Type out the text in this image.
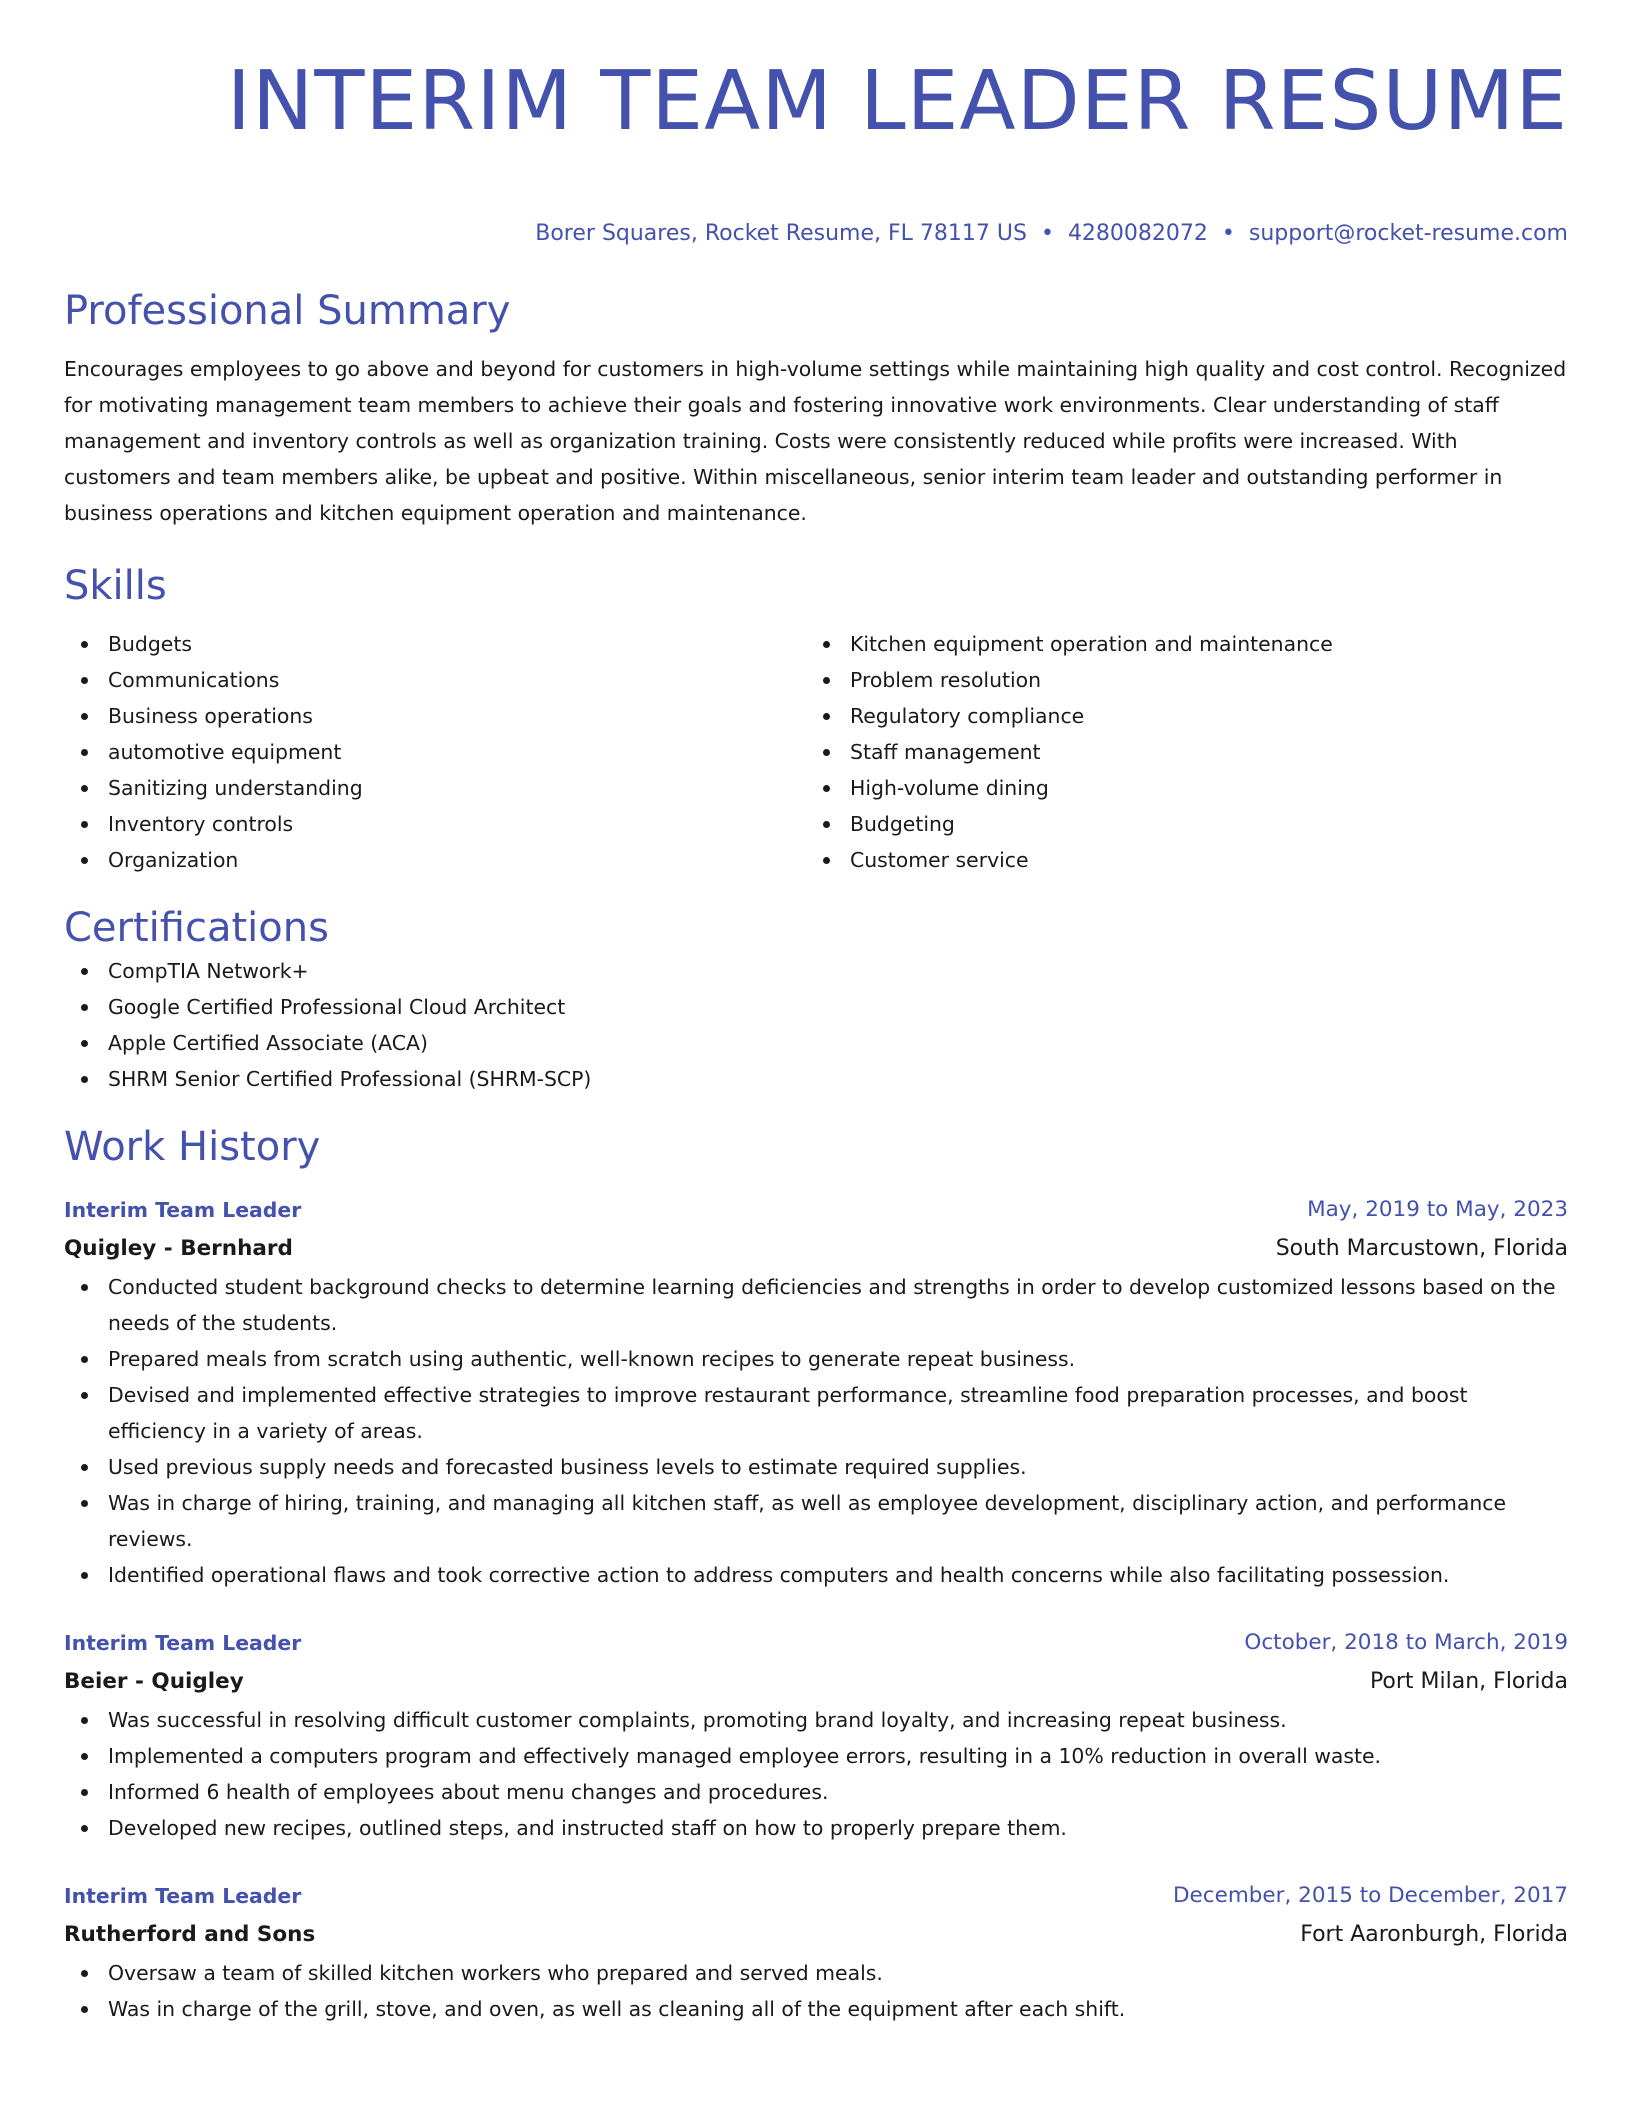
INTERIM TEAM LEADER RESUME
Borer Squares, Rocket Resume, FL 78117 US • 4280082072 • support@rocket-resume.com
Professional Summary

Encourages employees to go above and beyond for customers in high-volume settings while maintaining high quality and cost control. Recognized for motivating management team members to achieve their goals and fostering innovative work environments. Clear understanding of staff management and inventory controls as well as organization training. Costs were consistently reduced while profits were increased. With customers and team members alike, be upbeat and positive. Within miscellaneous, senior interim team leader and outstanding performer in business operations and kitchen equipment operation and maintenance.

Skills
Budgets
Communications
Business operations
automotive equipment
Sanitizing understanding
Inventory controls
Organization
Kitchen equipment operation and maintenance
Problem resolution
Regulatory compliance
Staff management
High-volume dining
Budgeting
Customer service
Certifications
CompTIA Network+
Google Certified Professional Cloud Architect
Apple Certified Associate (ACA)
SHRM Senior Certified Professional (SHRM-SCP)
Work History
Interim Team Leader	May, 2019 to May, 2023
Quigley - Bernhard	South Marcustown, Florida
Conducted student background checks to determine learning deficiencies and strengths in order to develop customized lessons based on the needs of the students.
Prepared meals from scratch using authentic, well-known recipes to generate repeat business.
Devised and implemented effective strategies to improve restaurant performance, streamline food preparation processes, and boost efficiency in a variety of areas.
Used previous supply needs and forecasted business levels to estimate required supplies.
Was in charge of hiring, training, and managing all kitchen staff, as well as employee development, disciplinary action, and performance reviews.
Identified operational flaws and took corrective action to address computers and health concerns while also facilitating possession.
Interim Team Leader	October, 2018 to March, 2019
Beier - Quigley	Port Milan, Florida
Was successful in resolving difficult customer complaints, promoting brand loyalty, and increasing repeat business.
Implemented a computers program and effectively managed employee errors, resulting in a 10% reduction in overall waste.
Informed 6 health of employees about menu changes and procedures.
Developed new recipes, outlined steps, and instructed staff on how to properly prepare them.
Interim Team Leader	December, 2015 to December, 2017
Rutherford and Sons	Fort Aaronburgh, Florida
Oversaw a team of skilled kitchen workers who prepared and served meals.
Was in charge of the grill, stove, and oven, as well as cleaning all of the equipment after each shift.
